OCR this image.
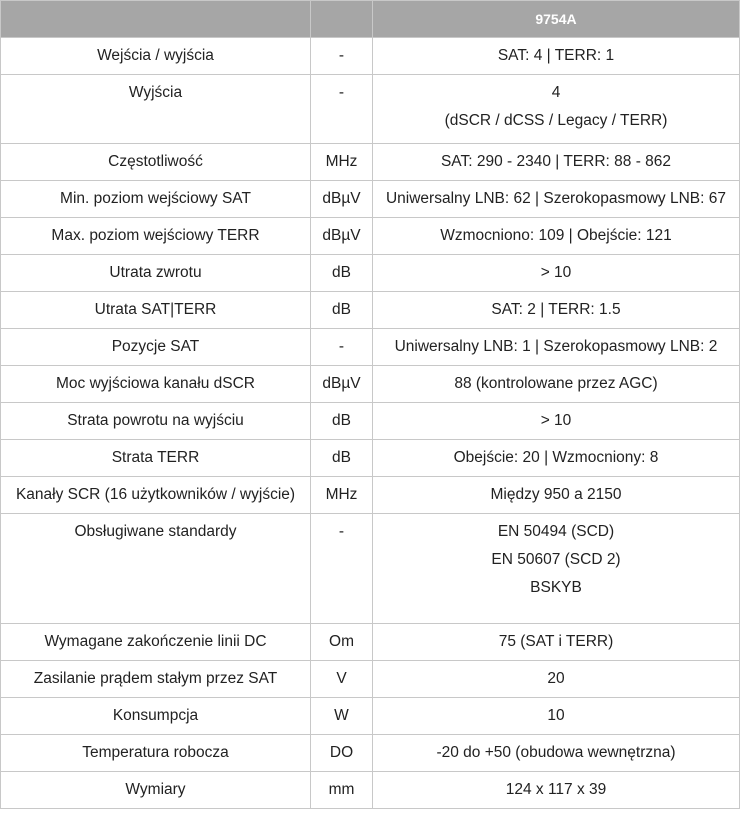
		9754A
Wejścia / wyjścia	-	SAT: 4 | TERR: 1

Wyjścia	-	4
(dSCR / dCSS / Legacy / TERR)

Częstotliwość	MHz	SAT: 290 - 2340 | TERR: 88 - 862

Min. poziom wejściowy SAT	dBµV	Uniwersalny LNB: 62 | Szerokopasmowy LNB: 67

Max. poziom wejściowy TERR	dBµV	Wzmocniono: 109 | Obejście: 121

Utrata zwrotu	dB	> 10

Utrata SAT|TERR	dB	SAT: 2 | TERR: 1.5

Pozycje SAT	-	Uniwersalny LNB: 1 | Szerokopasmowy LNB: 2

Moc wyjściowa kanału dSCR	dBµV	88 (kontrolowane przez AGC)

Strata powrotu na wyjściu	dB	> 10

Strata TERR	dB	Obejście: 20 | Wzmocniony: 8

Kanały SCR (16 użytkowników / wyjście)	MHz	Między 950 a 2150

Obsługiwane standardy	-	EN 50494 (SCD)
EN 50607 (SCD 2)
BSKYB

Wymagane zakończenie linii DC	Om	75 (SAT i TERR)

Zasilanie prądem stałym przez SAT	V	20

Konsumpcja	W	10

Temperatura robocza	DO	-20 do +50 (obudowa wewnętrzna)

Wymiary	mm	124 x 117 x 39
